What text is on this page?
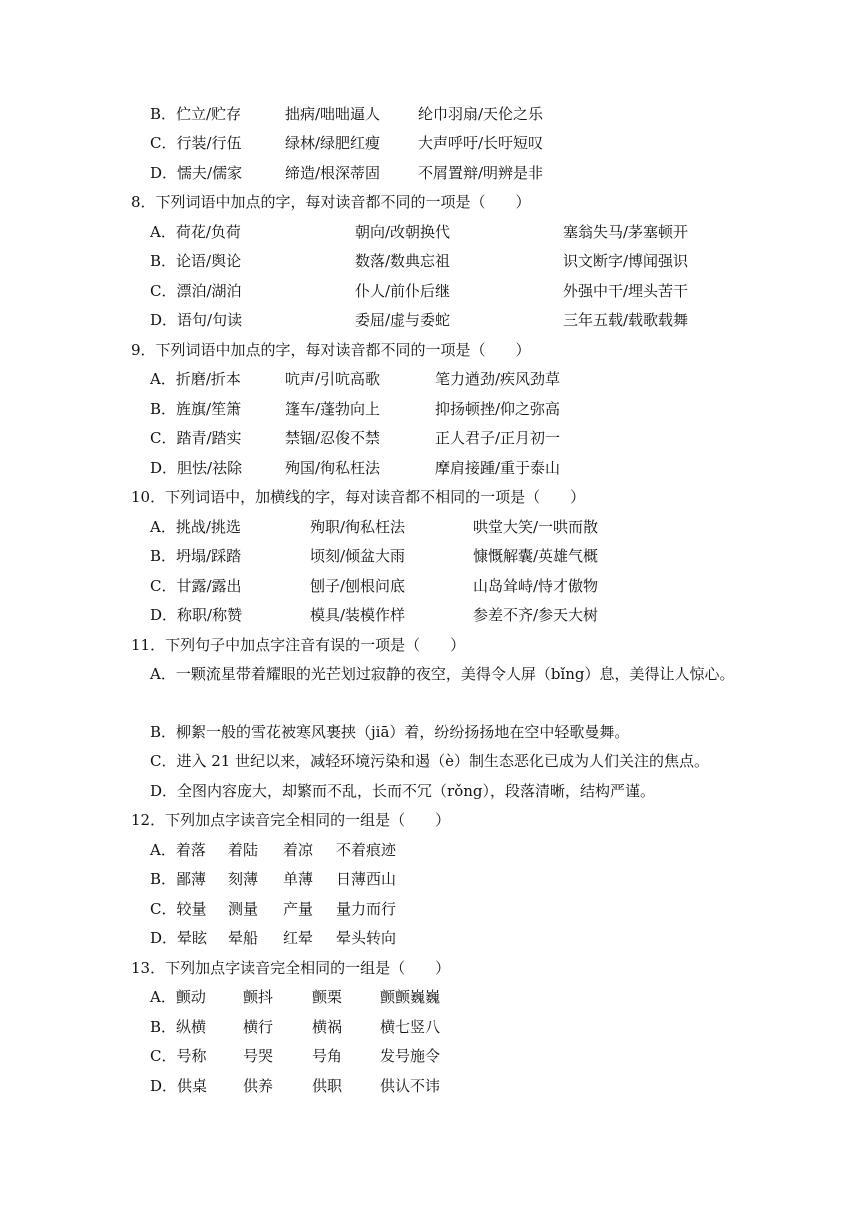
B．伫立/贮存	拙病/咄咄逼人	纶巾羽扇/天伦之乐
C．行装/行伍	绿林/绿肥红瘦	大声呼吁/长吁短叹
D．懦夫/儒家	缔造/根深蒂固	不屑置辩/明辨是非
8．下列词语中加点的字，每对读音都不同的一项是（　　）
A．荷花/负荷	朝向/改朝换代	塞翁失马/茅塞顿开
B．论语/舆论	数落/数典忘祖	识文断字/博闻强识
C．漂泊/湖泊	仆人/前仆后继	外强中干/埋头苦干
D．语句/句读	委屈/虚与委蛇	三年五载/载歌载舞
9．下列词语中加点的字，每对读音都不同的一项是（　　）
A．折磨/折本	吭声/引吭高歌	笔力遒劲/疾风劲草
B．旌旗/笙箫	篷车/蓬勃向上	抑扬顿挫/仰之弥高
C．踏青/踏实	禁锢/忍俊不禁	正人君子/正月初一
D．胆怯/祛除	殉国/徇私枉法	摩肩接踵/重于泰山
10．下列词语中，加横线的字，每对读音都不相同的一项是（　　）
A．挑战/挑选	殉职/徇私枉法	哄堂大笑/一哄而散
B．坍塌/踩踏	顷刻/倾盆大雨	慷慨解囊/英雄气概
C．甘露/露出	刨子/刨根问底	山岛耸峙/恃才傲物
D．称职/称赞	模具/装模作样	参差不齐/参天大树
11．下列句子中加点字注音有误的一项是（　　）
A．一颗流星带着耀眼的光芒划过寂静的夜空，美得令人屏（bǐng）息，美得让人惊心。
B．柳絮一般的雪花被寒风裹挟（jiā）着，纷纷扬扬地在空中轻歌曼舞。
C．进入 21 世纪以来，减轻环境污染和遏（è）制生态恶化已成为人们关注的焦点。
D．全图内容庞大，却繁而不乱，长而不冗（rǒng），段落清晰，结构严谨。
12．下列加点字读音完全相同的一组是（　　）
A．着落 着陆 着凉 不着痕迹
B．鄙薄 刻薄 单薄 日薄西山
C．较量 测量 产量 量力而行
D．晕眩 晕船 红晕 晕头转向
13．下列加点字读音完全相同的一组是（　　）
A．颤动 颤抖	颤栗	颤颤巍巍
B．纵横 横行	横祸	横七竖八
C．号称 号哭	号角	发号施令
D．供桌 供养	供职	供认不讳
